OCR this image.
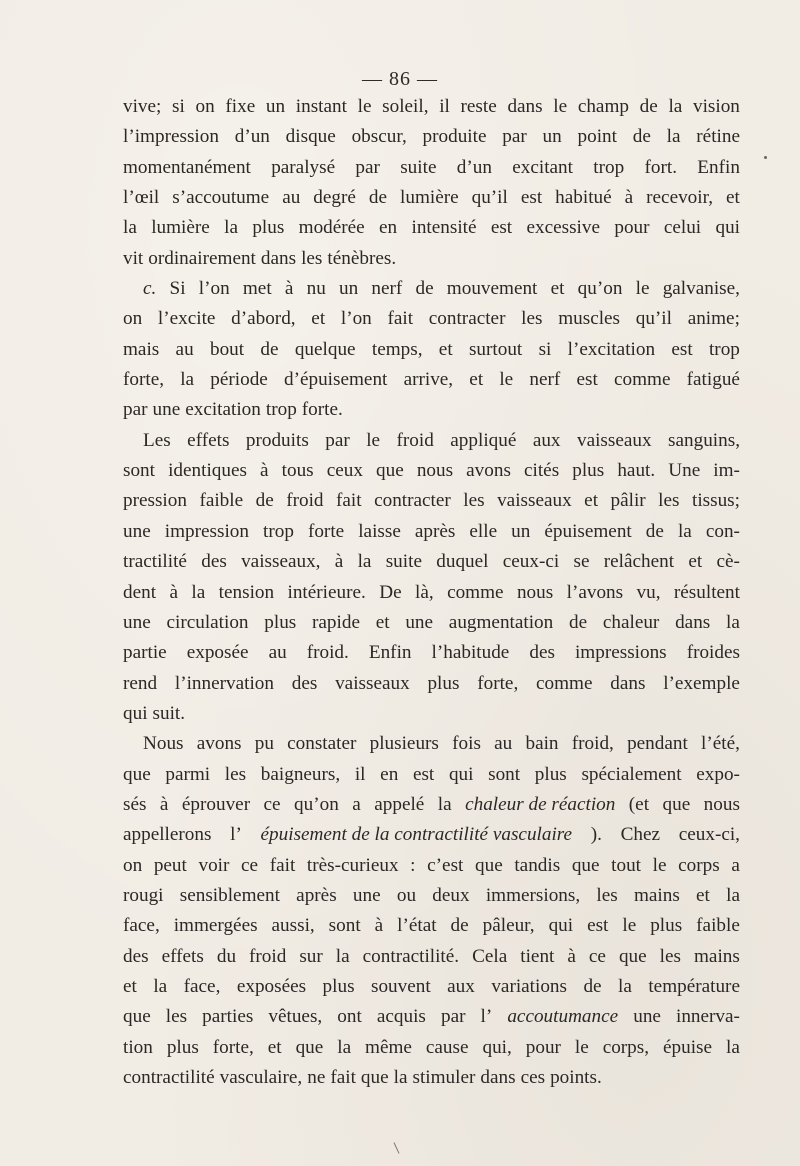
— 86 —
vive; si on fixe un instant le soleil, il reste dans le champ de la vision
l’impression d’un disque obscur, produite par un point de la rétine
momentanément paralysé par suite d’un excitant trop fort. Enfin
l’œil s’accoutume au degré de lumière qu’il est habitué à recevoir, et
la lumière la plus modérée en intensité est excessive pour celui qui
vit ordinairement dans les ténèbres.
c. Si l’on met à nu un nerf de mouvement et qu’on le galvanise,
on l’excite d’abord, et l’on fait contracter les muscles qu’il anime;
mais au bout de quelque temps, et surtout si l’excitation est trop
forte, la période d’épuisement arrive, et le nerf est comme fatigué
par une excitation trop forte.
Les effets produits par le froid appliqué aux vaisseaux sanguins,
sont identiques à tous ceux que nous avons cités plus haut. Une im-
pression faible de froid fait contracter les vaisseaux et pâlir les tissus;
une impression trop forte laisse après elle un épuisement de la con-
tractilité des vaisseaux, à la suite duquel ceux-ci se relâchent et cè-
dent à la tension intérieure. De là, comme nous l’avons vu, résultent
une circulation plus rapide et une augmentation de chaleur dans la
partie exposée au froid. Enfin l’habitude des impressions froides
rend l’innervation des vaisseaux plus forte, comme dans l’exemple
qui suit.
Nous avons pu constater plusieurs fois au bain froid, pendant l’été,
que parmi les baigneurs, il en est qui sont plus spécialement expo-
sés à éprouver ce qu’on a appelé la chaleur de réaction (et que nous
appellerons l’ épuisement de la contractilité vasculaire ). Chez ceux-ci,
on peut voir ce fait très-curieux : c’est que tandis que tout le corps a
rougi sensiblement après une ou deux immersions, les mains et la
face, immergées aussi, sont à l’état de pâleur, qui est le plus faible
des effets du froid sur la contractilité. Cela tient à ce que les mains
et la face, exposées plus souvent aux variations de la température
que les parties vêtues, ont acquis par l’ accoutumance une innerva-
tion plus forte, et que la même cause qui, pour le corps, épuise la
contractilité vasculaire, ne fait que la stimuler dans ces points.
